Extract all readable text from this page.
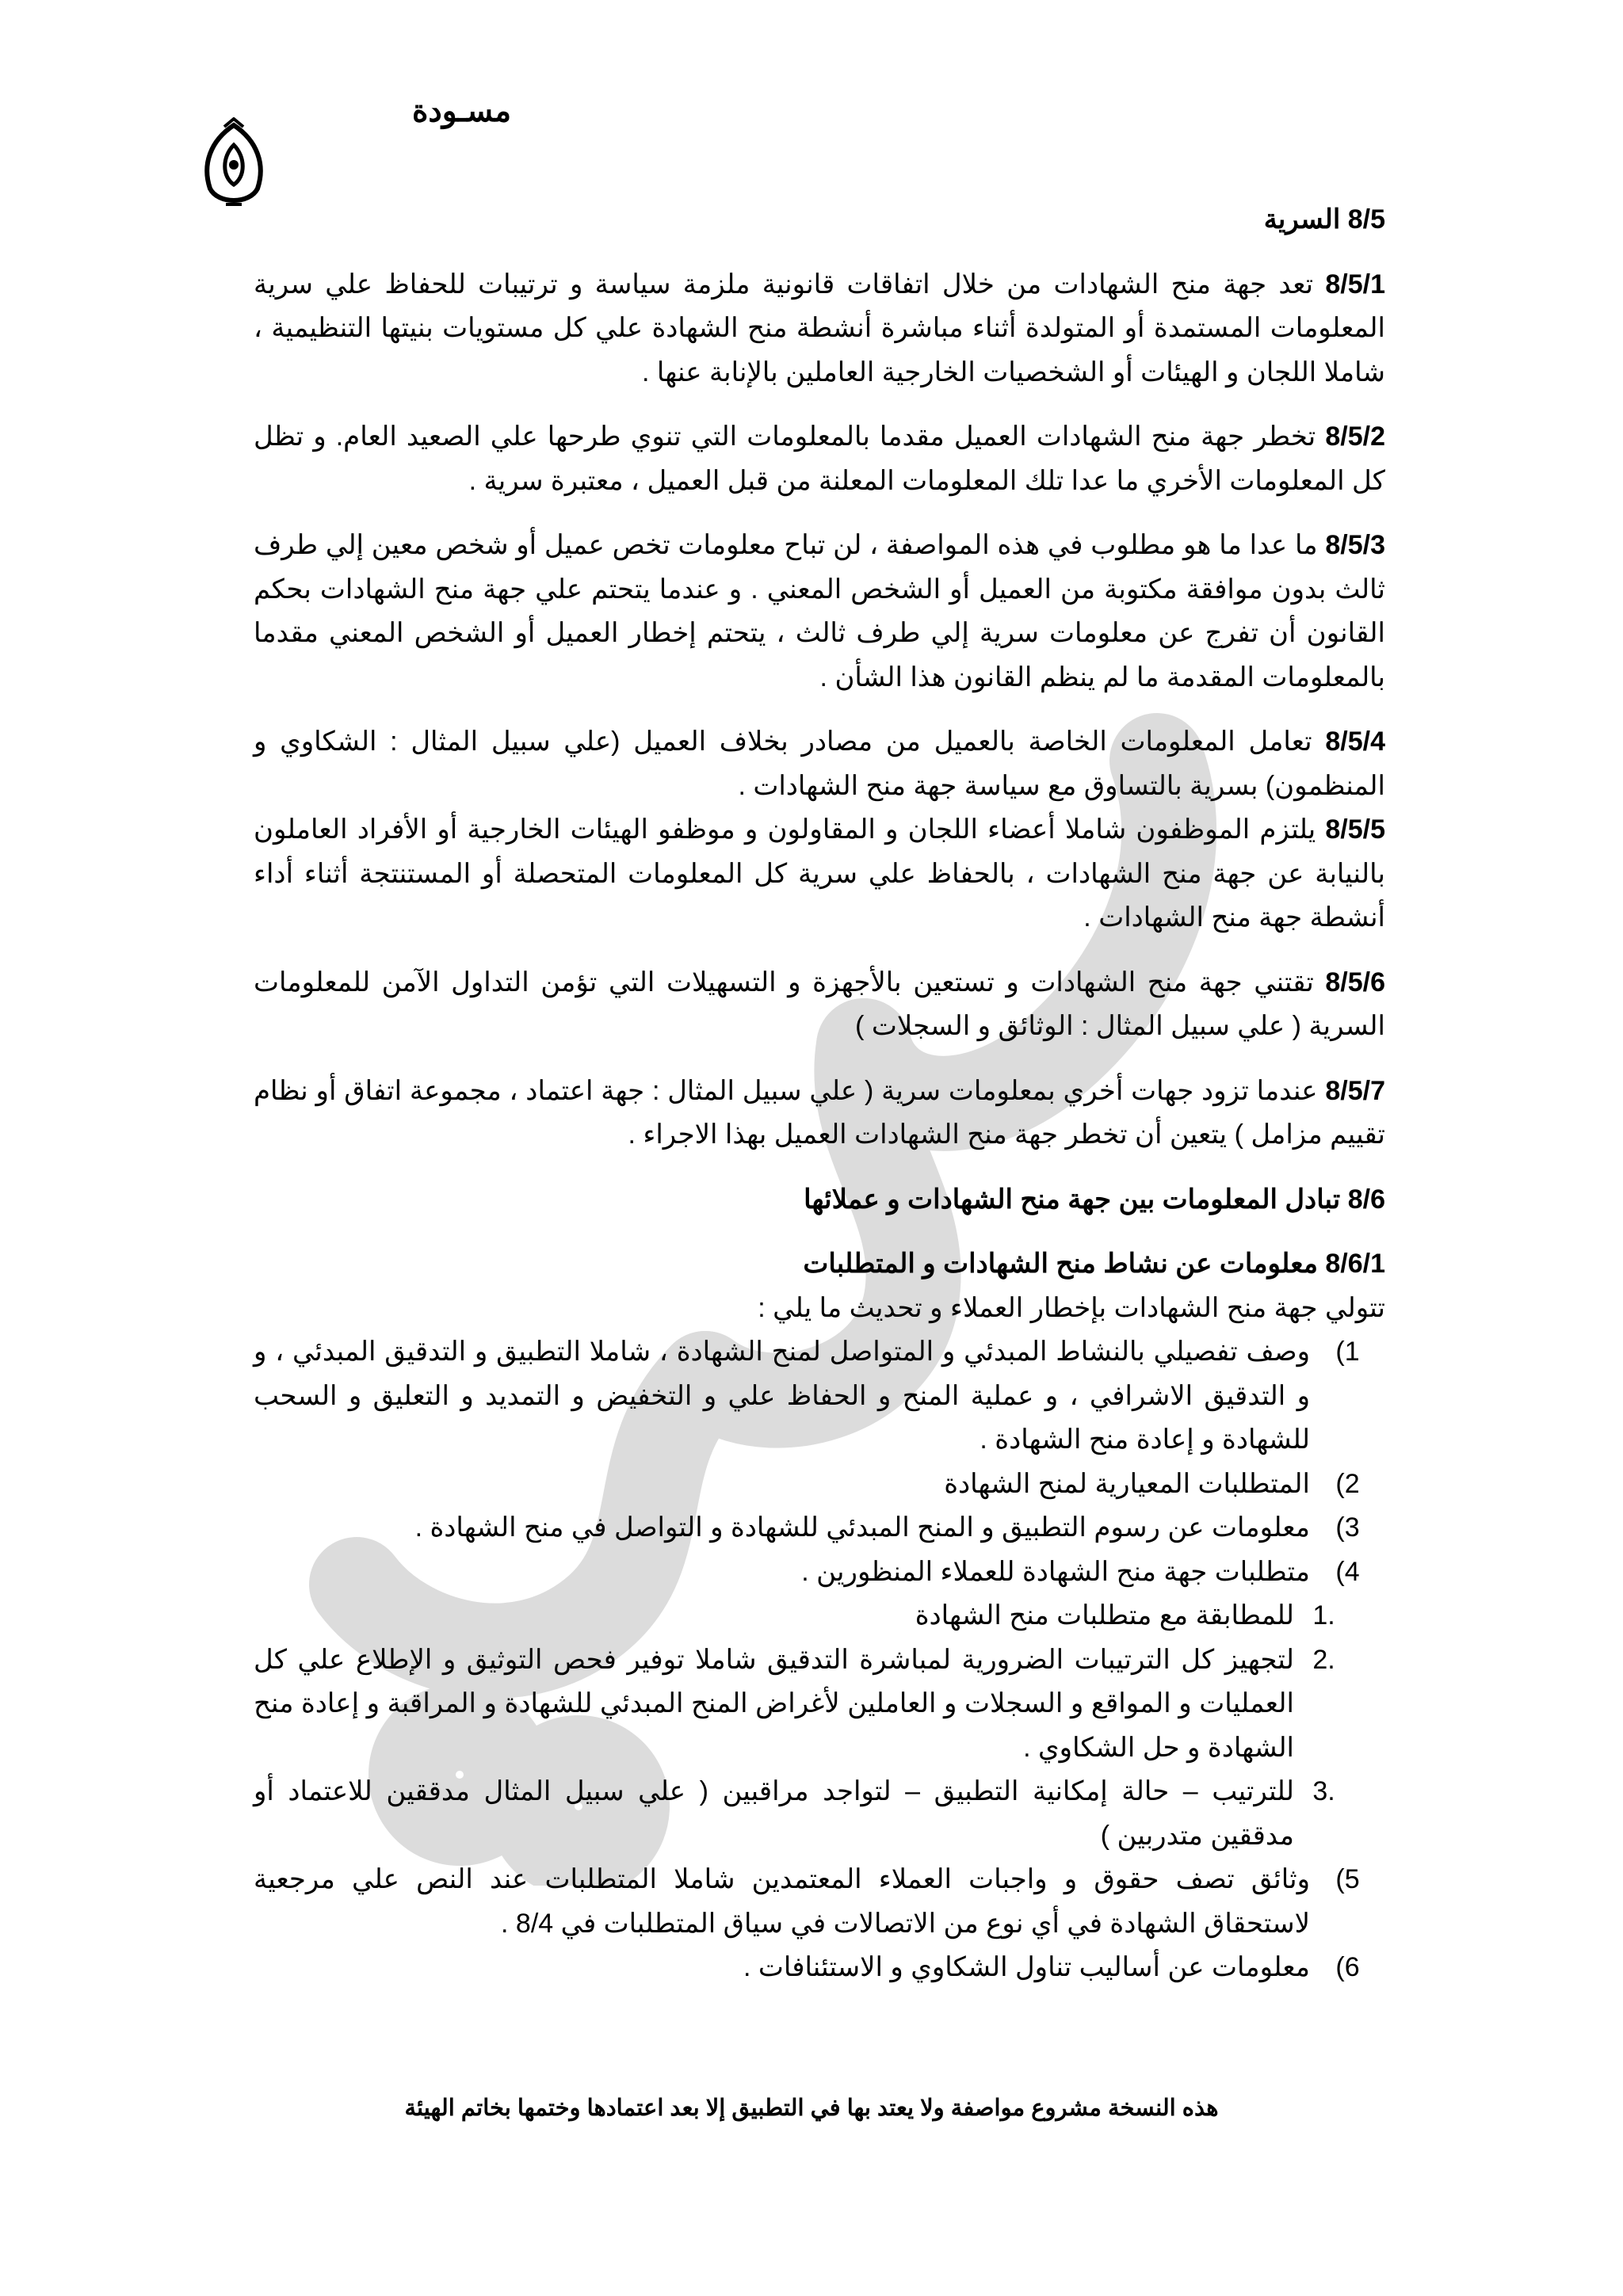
مسـودة

8/5 السرية

8/5/1 تعد جهة منح الشهادات من خلال اتفاقات قانونية ملزمة سياسة و ترتيبات للحفاظ علي سرية المعلومات المستمدة أو المتولدة أثناء مباشرة أنشطة منح الشهادة علي كل مستويات بنيتها التنظيمية ، شاملا اللجان و الهيئات أو الشخصيات الخارجية العاملين بالإنابة عنها .

8/5/2 تخطر جهة منح الشهادات العميل مقدما بالمعلومات التي تنوي طرحها علي الصعيد العام. و تظل كل المعلومات الأخري ما عدا تلك المعلومات المعلنة من قبل العميل ، معتبرة سرية .

8/5/3 ما عدا ما هو مطلوب في هذه المواصفة ، لن تباح معلومات تخص عميل أو شخص معين إلي طرف ثالث بدون موافقة مكتوبة من العميل أو الشخص المعني . و عندما يتحتم علي جهة منح الشهادات بحكم القانون أن تفرج عن معلومات سرية إلي طرف ثالث ، يتحتم إخطار العميل أو الشخص المعني مقدما بالمعلومات المقدمة ما لم ينظم القانون هذا الشأن .

8/5/4 تعامل المعلومات الخاصة بالعميل من مصادر بخلاف العميل (علي سبيل المثال : الشكاوي و المنظمون) بسرية بالتساوق مع سياسة جهة منح الشهادات .

8/5/5 يلتزم الموظفون شاملا أعضاء اللجان و المقاولون و موظفو الهيئات الخارجية أو الأفراد العاملون بالنيابة عن جهة منح الشهادات ، بالحفاظ علي سرية كل المعلومات المتحصلة أو المستنتجة أثناء أداء أنشطة جهة منح الشهادات .

8/5/6 تقتني جهة منح الشهادات و تستعين بالأجهزة و التسهيلات التي تؤمن التداول الآمن للمعلومات السرية ( علي سبيل المثال : الوثائق و السجلات )

8/5/7 عندما تزود جهات أخري بمعلومات سرية ( علي سبيل المثال : جهة اعتماد ، مجموعة اتفاق أو نظام تقييم مزامل ) يتعين أن تخطر جهة منح الشهادات العميل بهذا الاجراء .

8/6 تبادل المعلومات بين جهة منح الشهادات و عملائها

8/6/1 معلومات عن نشاط منح الشهادات و المتطلبات

تتولي جهة منح الشهادات بإخطار العملاء و تحديث ما يلي :

1)
وصف تفصيلي بالنشاط المبدئي و المتواصل لمنح الشهادة ، شاملا التطبيق و التدقيق المبدئي ، و و التدقيق الاشرافي ، و عملية المنح و الحفاظ علي و التخفيض و التمديد و التعليق و السحب للشهادة و إعادة منح الشهادة .
2)
المتطلبات المعيارية لمنح الشهادة
3)
معلومات عن رسوم التطبيق و المنح المبدئي للشهادة و التواصل في منح الشهادة .
4)
متطلبات جهة منح الشهادة للعملاء المنظورين .
.1
للمطابقة مع متطلبات منح الشهادة
.2
لتجهيز كل الترتيبات الضرورية لمباشرة التدقيق شاملا توفير فحص التوثيق و الإطلاع علي كل العمليات و المواقع و السجلات و العاملين لأغراض المنح المبدئي للشهادة و المراقبة و إعادة منح الشهادة و حل الشكاوي .
.3
للترتيب – حالة إمكانية التطبيق – لتواجد مراقبين ( علي سبيل المثال مدققين للاعتماد أو مدققين متدربين )
5)
وثائق تصف حقوق و واجبات العملاء المعتمدين شاملا المتطلبات عند النص علي مرجعية لاستحقاق الشهادة في أي نوع من الاتصالات في سياق المتطلبات في 8/4 .
6)
معلومات عن أساليب تناول الشكاوي و الاستئنافات .
هذه النسخة مشروع مواصفة ولا يعتد بها في التطبيق إلا بعد اعتمادها وختمها بخاتم الهيئة
